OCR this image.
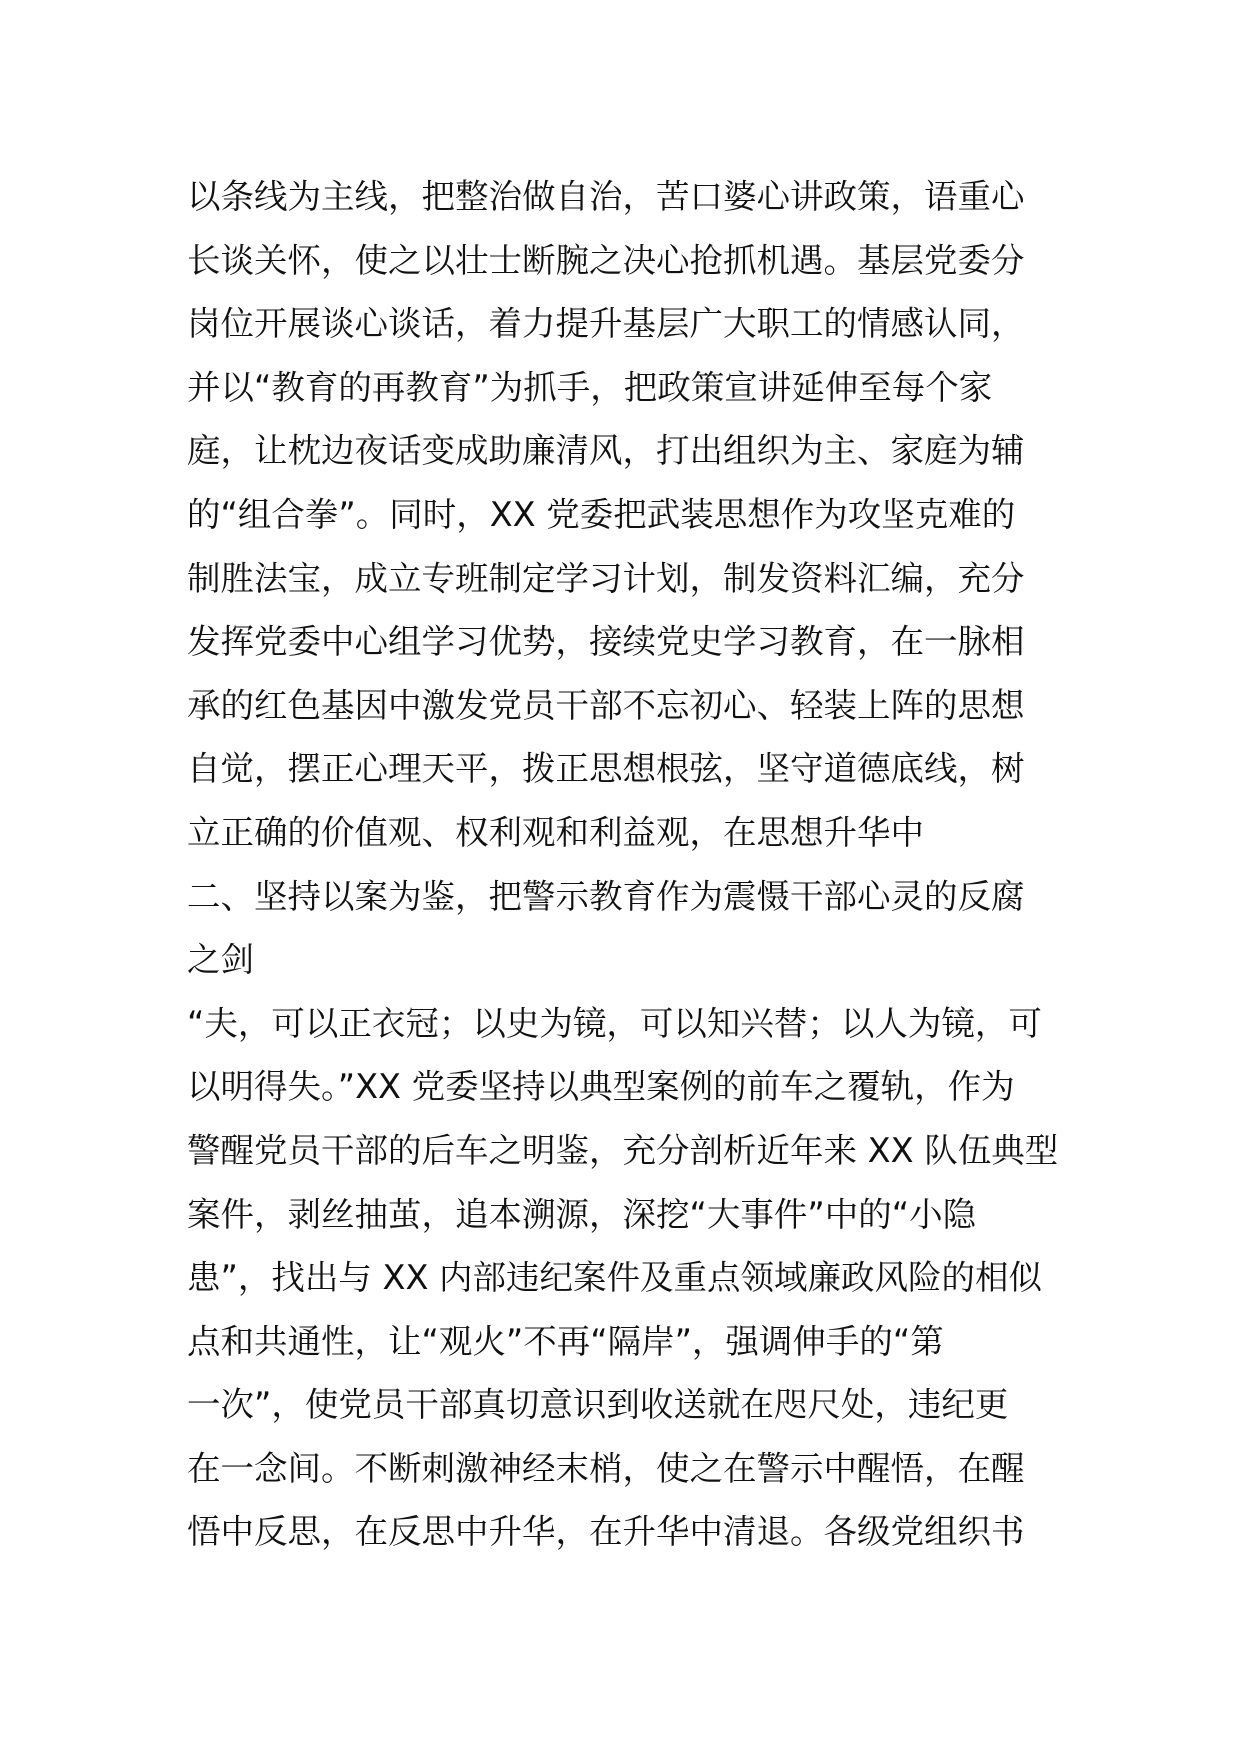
以条线为主线，把整治做自治，苦口婆心讲政策，语重心
长谈关怀，使之以壮士断腕之决心抢抓机遇。基层党委分
岗位开展谈心谈话，着力提升基层广大职工的情感认同，
并以“教育的再教育”为抓手，把政策宣讲延伸至每个家
庭，让枕边夜话变成助廉清风，打出组织为主、家庭为辅
的“组合拳”。同时，XX 党委把武装思想作为攻坚克难的
制胜法宝，成立专班制定学习计划，制发资料汇编，充分
发挥党委中心组学习优势，接续党史学习教育，在一脉相
承的红色基因中激发党员干部不忘初心、轻装上阵的思想
自觉，摆正心理天平，拨正思想根弦，坚守道德底线，树
立正确的价值观、权利观和利益观，在思想升华中
二、坚持以案为鉴，把警示教育作为震慑干部心灵的反腐
之剑
“夫，可以正衣冠；以史为镜，可以知兴替；以人为镜，可
以明得失。”XX 党委坚持以典型案例的前车之覆轨，作为
警醒党员干部的后车之明鉴，充分剖析近年来 XX 队伍典型
案件，剥丝抽茧，追本溯源，深挖“大事件”中的“小隐
患”，找出与 XX 内部违纪案件及重点领域廉政风险的相似
点和共通性，让“观火”不再“隔岸”，强调伸手的“第
一次”，使党员干部真切意识到收送就在咫尺处，违纪更
在一念间。不断刺激神经末梢，使之在警示中醒悟，在醒
悟中反思，在反思中升华，在升华中清退。各级党组织书
